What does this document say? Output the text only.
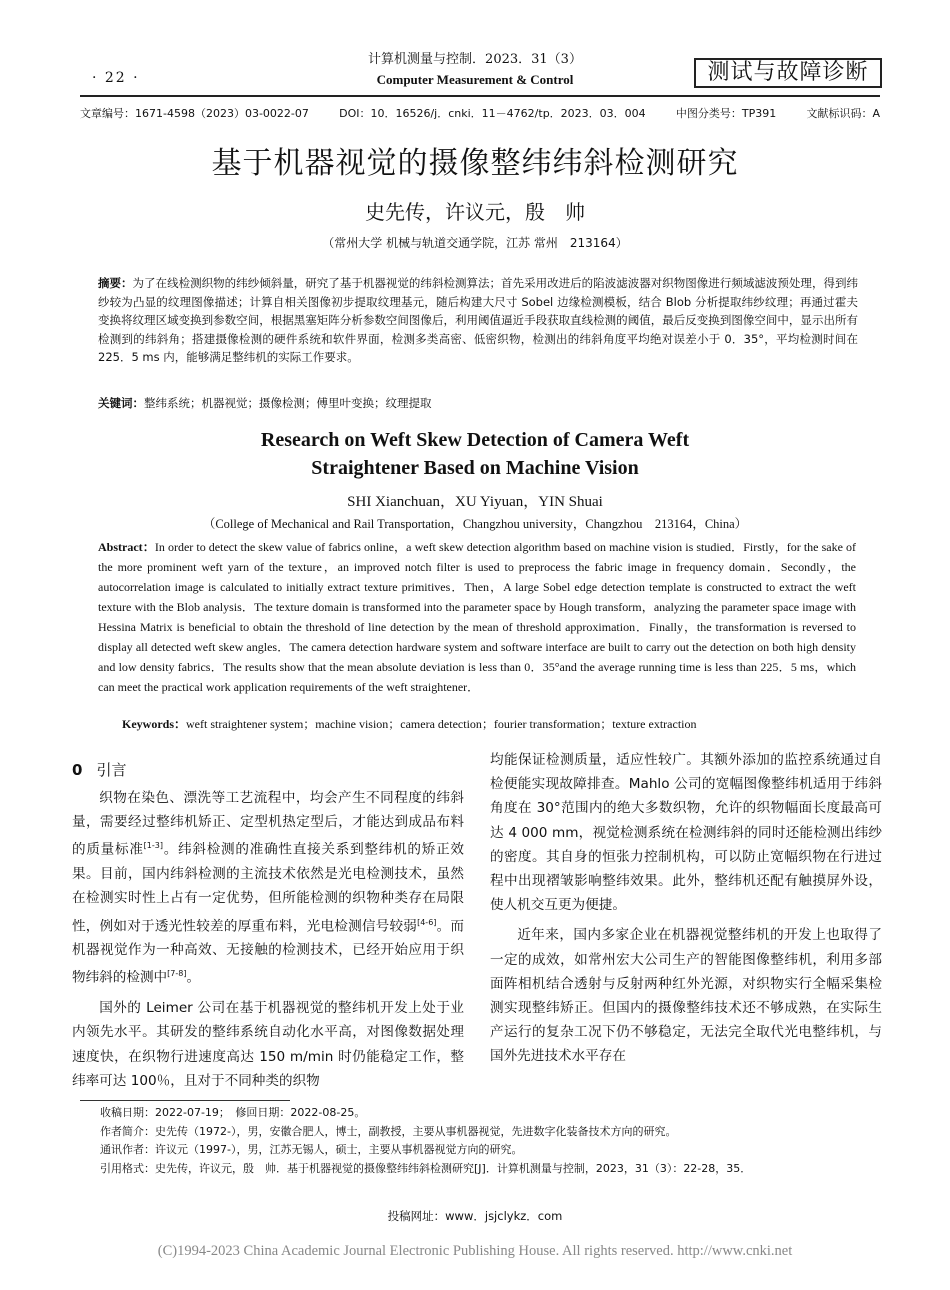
· 22 ·
计算机测量与控制．2023．31（3）
Computer Measurement & Control	测试与故障诊断
文章编号：1671-4598（2023）03-0022-07	DOI：10．16526/j．cnki．11－4762/tp．2023．03．004	中图分类号：TP391	文献标识码：A
基于机器视觉的摄像整纬纬斜检测研究
史先传，许议元，殷　帅
（常州大学 机械与轨道交通学院，江苏 常州　213164）
摘要：为了在线检测织物的纬纱倾斜量，研究了基于机器视觉的纬斜检测算法；首先采用改进后的陷波滤波器对织物图像进行频域滤波预处理，得到纬纱较为凸显的纹理图像描述；计算自相关图像初步提取纹理基元，随后构建大尺寸 Sobel 边缘检测模板，结合 Blob 分析提取纬纱纹理；再通过霍夫变换将纹理区域变换到参数空间，根据黑塞矩阵分析参数空间图像后，利用阈值逼近手段获取直线检测的阈值，最后反变换到图像空间中，显示出所有检测到的纬斜角；搭建摄像检测的硬件系统和软件界面，检测多类高密、低密织物，检测出的纬斜角度平均绝对误差小于 0．35°，平均检测时间在 225．5 ms 内，能够满足整纬机的实际工作要求。
关键词：整纬系统；机器视觉；摄像检测；傅里叶变换；纹理提取
Research on Weft Skew Detection of Camera Weft
Straightener Based on Machine Vision
SHI Xianchuan，XU Yiyuan，YIN Shuai
（College of Mechanical and Rail Transportation，Changzhou university，Changzhou　213164，China）
Abstract：In order to detect the skew value of fabrics online，a weft skew detection algorithm based on machine vision is studied．Firstly，for the sake of the more prominent weft yarn of the texture，an improved notch filter is used to preprocess the fabric image in frequency domain．Secondly，the autocorrelation image is calculated to initially extract texture primitives．Then，A large Sobel edge detection template is constructed to extract the weft texture with the Blob analysis．The texture domain is transformed into the parameter space by Hough transform，analyzing the parameter space image with Hessina Matrix is beneficial to obtain the threshold of line detection by the mean of threshold approximation．Finally，the transformation is reversed to display all detected weft skew angles．The camera detection hardware system and software interface are built to carry out the detection on both high density and low density fabrics．The results show that the mean absolute deviation is less than 0．35°and the average running time is less than 225．5 ms，which can meet the practical work application requirements of the weft straightener．
Keywords：weft straightener system；machine vision；camera detection；fourier transformation；texture extraction
0 引言

织物在染色、漂洗等工艺流程中，均会产生不同程度的纬斜量，需要经过整纬机矫正、定型机热定型后，才能达到成品布料的质量标准[1-3]。纬斜检测的准确性直接关系到整纬机的矫正效果。目前，国内纬斜检测的主流技术依然是光电检测技术，虽然在检测实时性上占有一定优势，但所能检测的织物种类存在局限性，例如对于透光性较差的厚重布料，光电检测信号较弱[4-6]。而机器视觉作为一种高效、无接触的检测技术，已经开始应用于织物纬斜的检测中[7-8]。

国外的 Leimer 公司在基于机器视觉的整纬机开发上处于业内领先水平。其研发的整纬系统自动化水平高，对图像数据处理速度快，在织物行进速度高达 150 m/min 时仍能稳定工作，整纬率可达 100％，且对于不同种类的织物

均能保证检测质量，适应性较广。其额外添加的监控系统通过自检便能实现故障排查。Mahlo 公司的宽幅图像整纬机适用于纬斜角度在 30°范围内的绝大多数织物，允许的织物幅面长度最高可达 4 000 mm，视觉检测系统在检测纬斜的同时还能检测出纬纱的密度。其自身的恒张力控制机构，可以防止宽幅织物在行进过程中出现褶皱影响整纬效果。此外，整纬机还配有触摸屏外设，使人机交互更为便捷。

近年来，国内多家企业在机器视觉整纬机的开发上也取得了一定的成效，如常州宏大公司生产的智能图像整纬机，利用多部面阵相机结合透射与反射两种红外光源，对织物实行全幅采集检测实现整纬矫正。但国内的摄像整纬技术还不够成熟，在实际生产运行的复杂工况下仍不够稳定，无法完全取代光电整纬机，与国外先进技术水平存在

收稿日期：2022-07-19；　修回日期：2022-08-25。
作者简介：史先传（1972-），男，安徽合肥人，博士，副教授，主要从事机器视觉，先进数字化装备技术方向的研究。
通讯作者：许议元（1997-），男，江苏无锡人，硕士，主要从事机器视觉方向的研究。
引用格式：史先传，许议元，殷　帅．基于机器视觉的摄像整纬纬斜检测研究[J]．计算机测量与控制，2023，31（3）：22-28，35．
投稿网址：www．jsjclykz．com
(C)1994-2023 China Academic Journal Electronic Publishing House. All rights reserved. http://www.cnki.net
